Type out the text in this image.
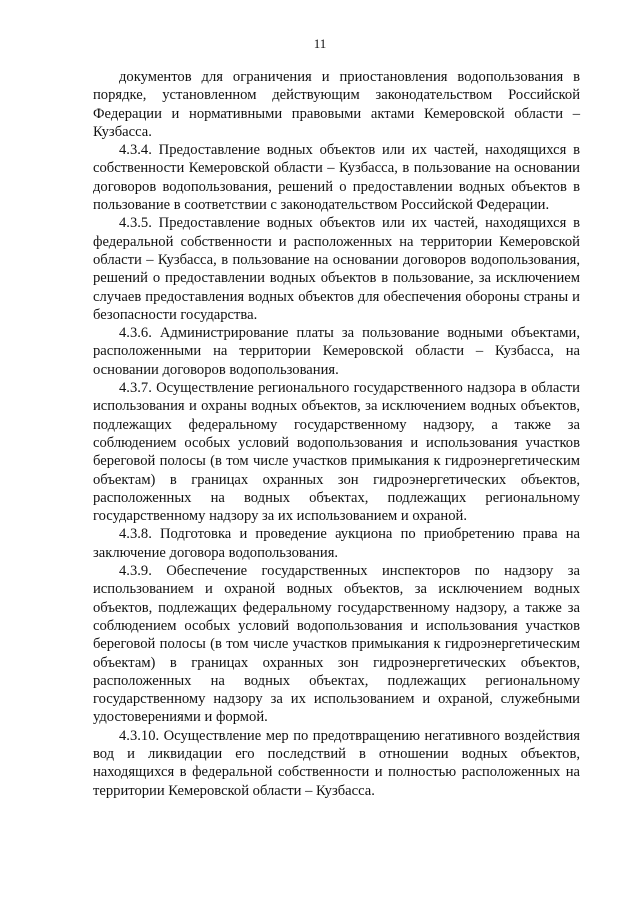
11

документов для ограничения и приостановления водопользования в порядке, установленном действующим законодательством Российской Федерации и нормативными правовыми актами Кемеровской области – Кузбасса.

4.3.4. Предоставление водных объектов или их частей, находящихся в собственности Кемеровской области – Кузбасса, в пользование на основании договоров водопользования, решений о предоставлении водных объектов в пользование в соответствии с законодательством Российской Федерации.

4.3.5. Предоставление водных объектов или их частей, находящихся в федеральной собственности и расположенных на территории Кемеровской области – Кузбасса, в пользование на основании договоров водопользования, решений о предоставлении водных объектов в пользование, за исключением случаев предоставления водных объектов для обеспечения обороны страны и безопасности государства.

4.3.6. Администрирование платы за пользование водными объектами, расположенными на территории Кемеровской области – Кузбасса, на основании договоров водопользования.

4.3.7. Осуществление регионального государственного надзора в области использования и охраны водных объектов, за исключением водных объектов, подлежащих федеральному государственному надзору, а также за соблюдением особых условий водопользования и использования участков береговой полосы (в том числе участков примыкания к гидроэнергетическим объектам) в границах охранных зон гидроэнергетических объектов, расположенных на водных объектах, подлежащих региональному государственному надзору за их использованием и охраной.

4.3.8. Подготовка и проведение аукциона по приобретению права на заключение договора водопользования.

4.3.9. Обеспечение государственных инспекторов по надзору за использованием и охраной водных объектов, за исключением водных объектов, подлежащих федеральному государственному надзору, а также за соблюдением особых условий водопользования и использования участков береговой полосы (в том числе участков примыкания к гидроэнергетическим объектам) в границах охранных зон гидроэнергетических объектов, расположенных на водных объектах, подлежащих региональному государственному надзору за их использованием и охраной, служебными удостоверениями и формой.

4.3.10. Осуществление мер по предотвращению негативного воздействия вод и ликвидации его последствий в отношении водных объектов, находящихся в федеральной собственности и полностью расположенных на территории Кемеровской области – Кузбасса.
